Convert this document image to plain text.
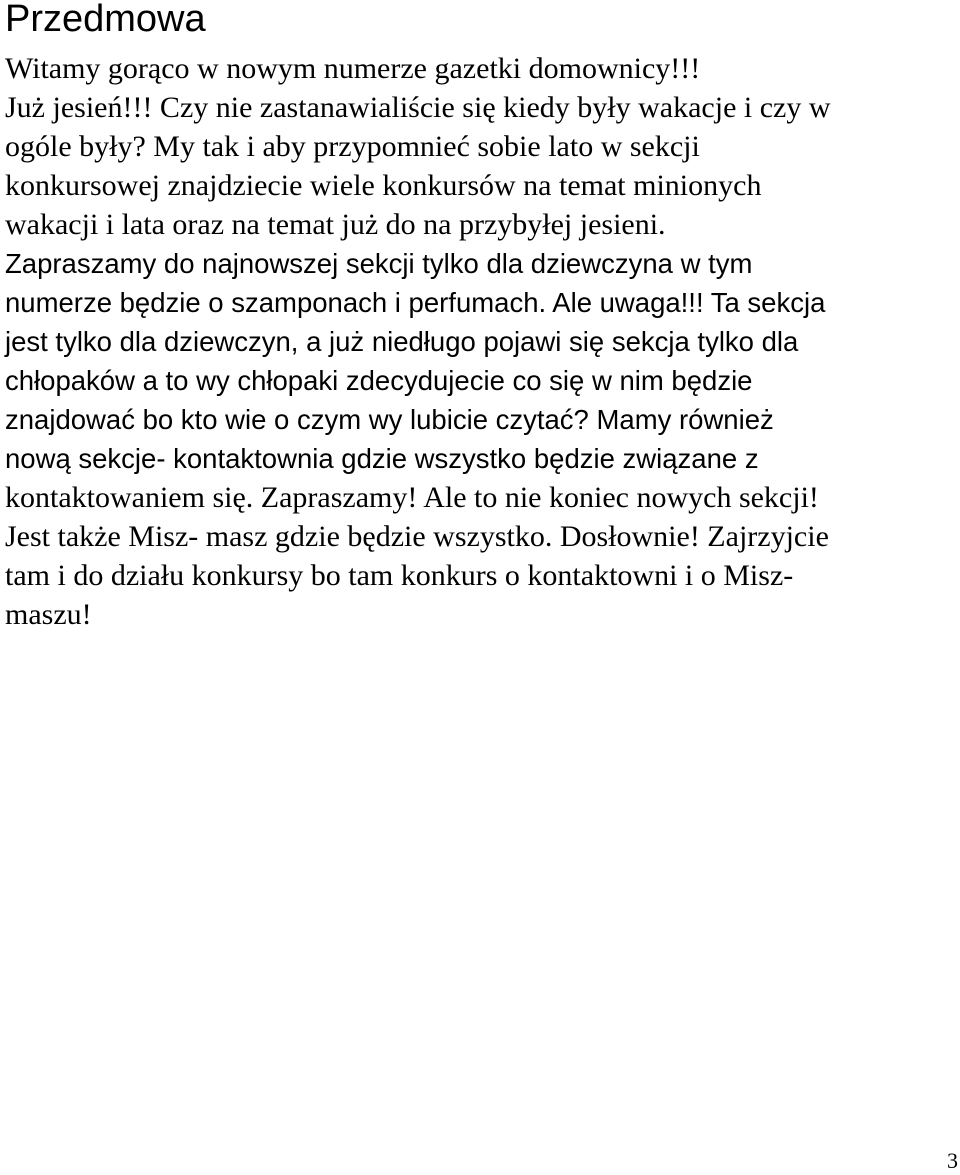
Przedmowa
Witamy gorąco w nowym numerze gazetki domownicy!!!
Już jesień!!! Czy nie zastanawialiście się kiedy były wakacje i czy w
ogóle były? My tak i aby przypomnieć sobie lato w sekcji
konkursowej znajdziecie wiele konkursów na temat minionych
wakacji i lata oraz na temat już do na przybyłej jesieni.
Zapraszamy do najnowszej sekcji tylko dla dziewczyna w tym
numerze będzie o szamponach i perfumach. Ale uwaga!!! Ta sekcja
jest tylko dla dziewczyn, a już niedługo pojawi się sekcja tylko dla
chłopaków a to wy chłopaki zdecydujecie co się w nim będzie
znajdować bo kto wie o czym wy lubicie czytać? Mamy również
nową sekcje- kontaktownia gdzie wszystko będzie związane z
kontaktowaniem się. Zapraszamy! Ale to nie koniec nowych sekcji!
Jest także Misz- masz gdzie będzie wszystko. Dosłownie! Zajrzyjcie
tam i do działu konkursy bo tam konkurs o kontaktowni i o Misz-
maszu!
3
